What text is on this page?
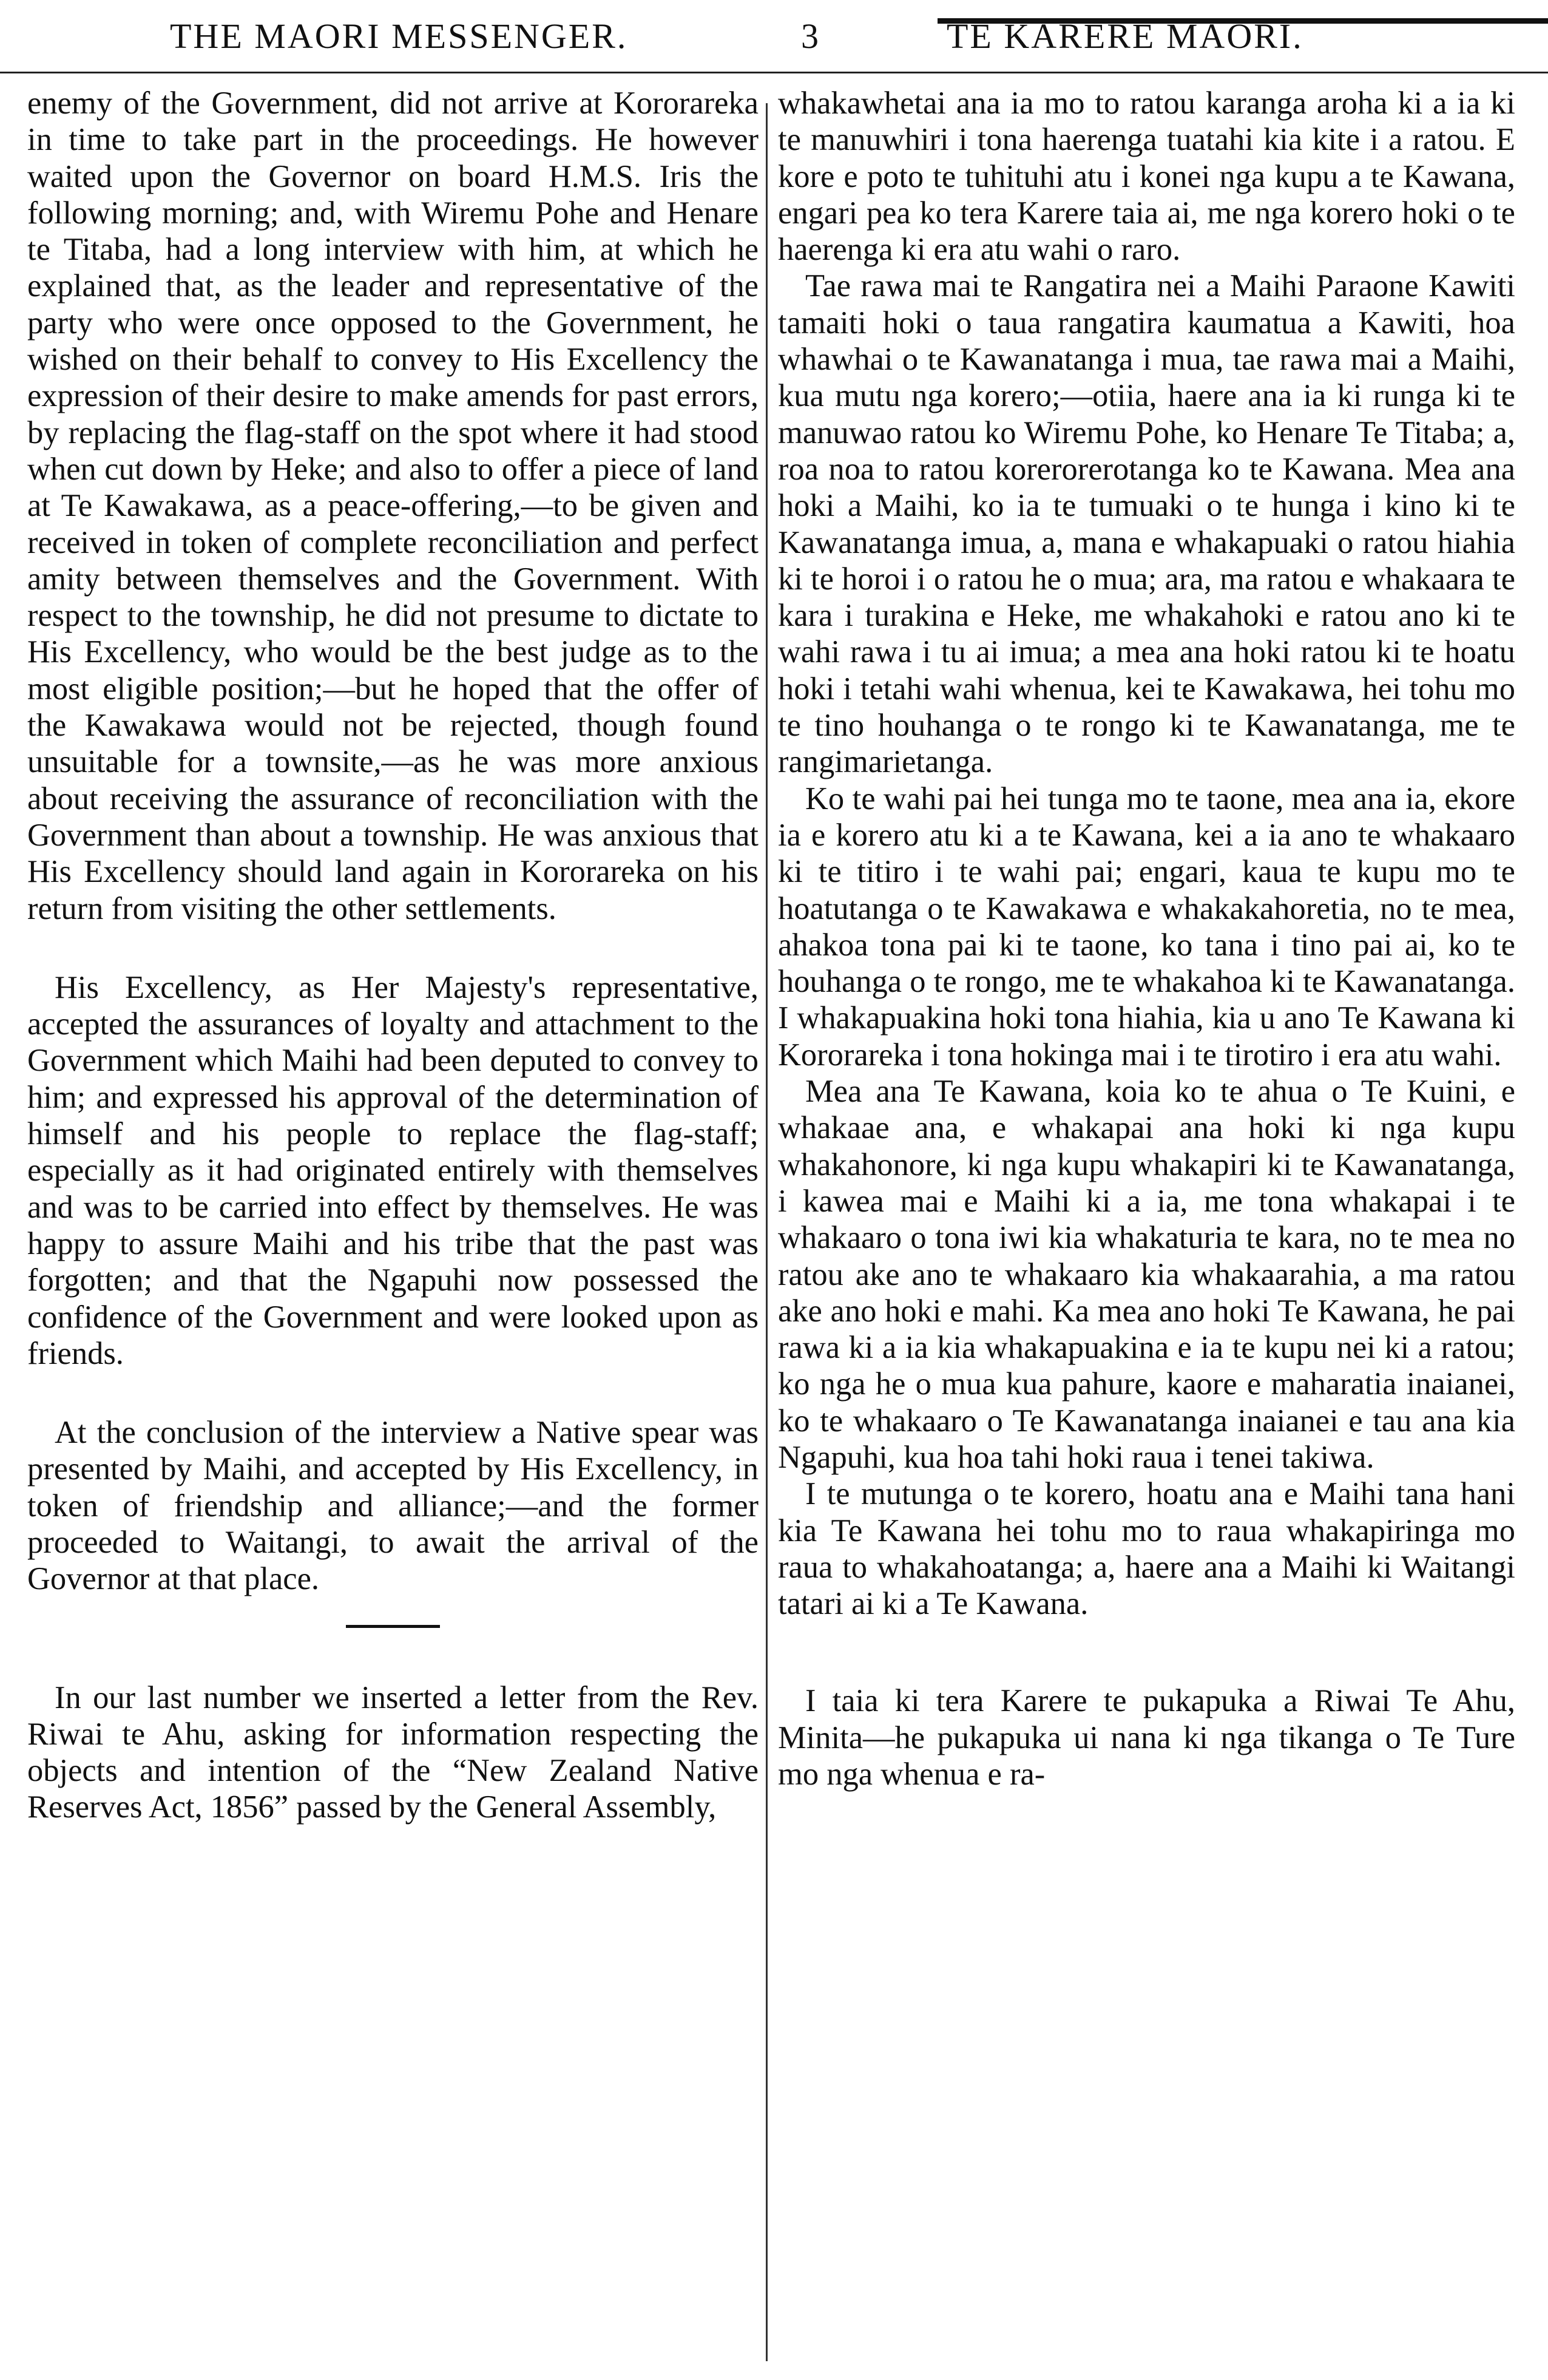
THE MAORI MESSENGER.	3	TE KARERE MAORI.

enemy of the Government, did not arrive at Kororareka in time to take part in the proceedings. He however waited upon the Governor on board H.M.S. Iris the following morning; and, with Wiremu Pohe and Henare te Titaba, had a long interview with him, at which he explained that, as the leader and representative of the party who were once opposed to the Government, he wished on their behalf to convey to His Excellency the expression of their desire to make amends for past errors, by replacing the flag-staff on the spot where it had stood when cut down by Heke; and also to offer a piece of land at Te Kawakawa, as a peace-offering,—to be given and received in token of complete reconciliation and perfect amity between themselves and the Government. With respect to the township, he did not presume to dictate to His Excellency, who would be the best judge as to the most eligible position;—but he hoped that the offer of the Kawakawa would not be rejected, though found unsuitable for a townsite,—as he was more anxious about receiving the assurance of reconciliation with the Government than about a township. He was anxious that His Excellency should land again in Kororareka on his return from visiting the other settlements.

His Excellency, as Her Majesty's representative, accepted the assurances of loyalty and attachment to the Government which Maihi had been deputed to convey to him; and expressed his approval of the determination of himself and his people to replace the flag-staff; especially as it had originated entirely with themselves and was to be carried into effect by themselves. He was happy to assure Maihi and his tribe that the past was forgotten; and that the Ngapuhi now possessed the confidence of the Government and were looked upon as friends.

At the conclusion of the interview a Native spear was presented by Maihi, and accepted by His Excellency, in token of friendship and alliance;—and the former proceeded to Waitangi, to await the arrival of the Governor at that place.

In our last number we inserted a letter from the Rev. Riwai te Ahu, asking for information respecting the objects and intention of the “New Zealand Native Reserves Act, 1856” passed by the General Assembly,

whakawhetai ana ia mo to ratou karanga aroha ki a ia ki te manuwhiri i tona haerenga tuatahi kia kite i a ratou. E kore e poto te tuhituhi atu i konei nga kupu a te Kawana, engari pea ko tera Karere taia ai, me nga korero hoki o te haerenga ki era atu wahi o raro.

Tae rawa mai te Rangatira nei a Maihi Paraone Kawiti tamaiti hoki o taua rangatira kaumatua a Kawiti, hoa whawhai o te Kawanatanga i mua, tae rawa mai a Maihi, kua mutu nga korero;—otiia, haere ana ia ki runga ki te manuwao ratou ko Wiremu Pohe, ko Henare Te Titaba; a, roa noa to ratou korerorerotanga ko te Kawana. Mea ana hoki a Maihi, ko ia te tumuaki o te hunga i kino ki te Kawanatanga imua, a, mana e whakapuaki o ratou hiahia ki te horoi i o ratou he o mua; ara, ma ratou e whakaara te kara i turakina e Heke, me whakahoki e ratou ano ki te wahi rawa i tu ai imua; a mea ana hoki ratou ki te hoatu hoki i tetahi wahi whenua, kei te Kawakawa, hei tohu mo te tino houhanga o te rongo ki te Kawanatanga, me te rangimarietanga.

Ko te wahi pai hei tunga mo te taone, mea ana ia, ekore ia e korero atu ki a te Kawana, kei a ia ano te whakaaro ki te titiro i te wahi pai; engari, kaua te kupu mo te hoatutanga o te Kawakawa e whakakahoretia, no te mea, ahakoa tona pai ki te taone, ko tana i tino pai ai, ko te houhanga o te rongo, me te whakahoa ki te Kawanatanga. I whakapuakina hoki tona hiahia, kia u ano Te Kawana ki Kororareka i tona hokinga mai i te tirotiro i era atu wahi.

Mea ana Te Kawana, koia ko te ahua o Te Kuini, e whakaae ana, e whakapai ana hoki ki nga kupu whakahonore, ki nga kupu whakapiri ki te Kawanatanga, i kawea mai e Maihi ki a ia, me tona whakapai i te whakaaro o tona iwi kia whakaturia te kara, no te mea no ratou ake ano te whakaaro kia whakaarahia, a ma ratou ake ano hoki e mahi. Ka mea ano hoki Te Kawana, he pai rawa ki a ia kia whakapuakina e ia te kupu nei ki a ratou; ko nga he o mua kua pahure, kaore e maharatia inaianei, ko te whakaaro o Te Kawanatanga inaianei e tau ana kia Ngapuhi, kua hoa tahi hoki raua i tenei takiwa.

I te mutunga o te korero, hoatu ana e Maihi tana hani kia Te Kawana hei tohu mo to raua whakapiringa mo raua to whakahoatanga; a, haere ana a Maihi ki Waitangi tatari ai ki a Te Kawana.

I taia ki tera Karere te pukapuka a Riwai Te Ahu, Minita—he pukapuka ui nana ki nga tikanga o Te Ture mo nga whenua e ra-
